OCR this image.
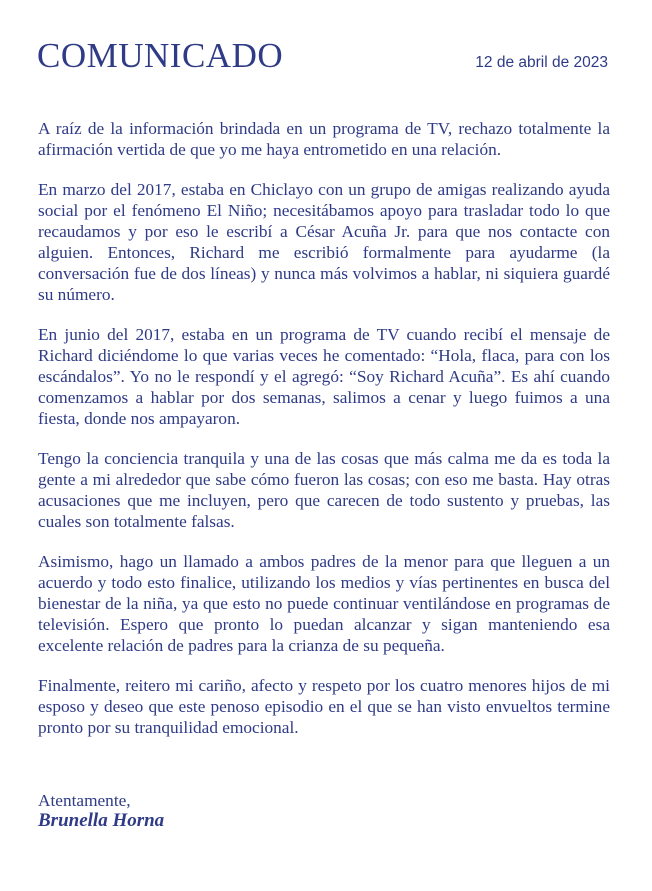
COMUNICADO	12 de abril de 2023

A raíz de la información brindada en un programa de TV, rechazo totalmente la afirmación vertida de que yo me haya entrometido en una relación.

En marzo del 2017, estaba en Chiclayo con un grupo de amigas realizando ayuda social por el fenómeno El Niño; necesitábamos apoyo para trasladar todo lo que recaudamos y por eso le escribí a César Acuña Jr. para que nos contacte con alguien. Entonces, Richard me escribió formalmente para ayudarme (la conversación fue de dos líneas) y nunca más volvimos a hablar, ni siquiera guardé su número.

En junio del 2017, estaba en un programa de TV cuando recibí el mensaje de Richard diciéndome lo que varias veces he comentado: “Hola, flaca, para con los escándalos”. Yo no le respondí y el agregó: “Soy Richard Acuña”. Es ahí cuando comenzamos a hablar por dos semanas, salimos a cenar y luego fuimos a una fiesta, donde nos ampayaron.

Tengo la conciencia tranquila y una de las cosas que más calma me da es toda la gente a mi alrededor que sabe cómo fueron las cosas; con eso me basta. Hay otras acusaciones que me incluyen, pero que carecen de todo sustento y pruebas, las cuales son totalmente falsas.

Asimismo, hago un llamado a ambos padres de la menor para que lleguen a un acuerdo y todo esto finalice, utilizando los medios y vías pertinentes en busca del bienestar de la niña, ya que esto no puede continuar ventilándose en programas de televisión. Espero que pronto lo puedan alcanzar y sigan manteniendo esa excelente relación de padres para la crianza de su pequeña.

Finalmente, reitero mi cariño, afecto y respeto por los cuatro menores hijos de mi esposo y deseo que este penoso episodio en el que se han visto envueltos termine pronto por su tranquilidad emocional.

Atentamente,
Brunella Horna
